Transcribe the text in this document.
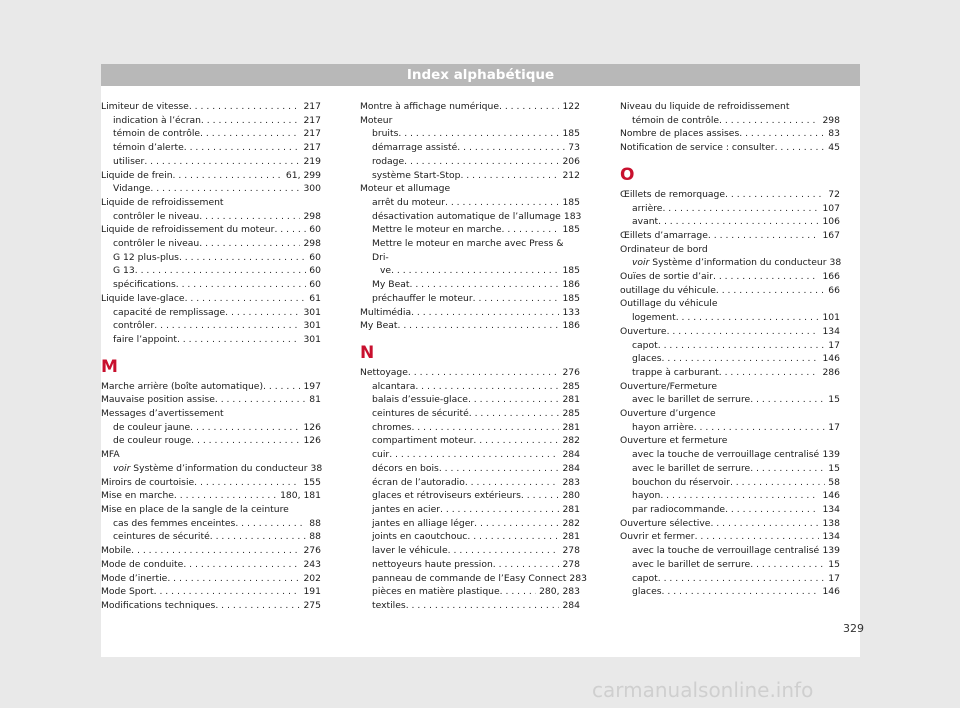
Index alphabétique
Limiteur de vitesse . . .	217
indication à l’écran . . .	217
témoin de contrôle . . .	217
témoin d’alerte . . .	217
utiliser . . .	219
Liquide de frein . . .	61, 299
Vidange . . .	300
Liquide de refroidissement
contrôler le niveau . . .	298
Liquide de refroidissement du moteur . . .	60
contrôler le niveau . . .	298
G 12 plus-plus . . .	60
G 13 . . .	60
spécifications . . .	60
Liquide lave-glace . . .	61
capacité de remplissage . . .	301
contrôler . . .	301
faire l’appoint . . .	301
M
Marche arrière (boîte automatique) . . .	197
Mauvaise position assise . . .	81
Messages d’avertissement
de couleur jaune . . .	126
de couleur rouge . . .	126
MFA
voir Système d’information du conducteur 38
Miroirs de courtoisie . . .	155
Mise en marche . . .	180, 181
Mise en place de la sangle de la ceinture
cas des femmes enceintes . . .	88
ceintures de sécurité . . .	88
Mobile . . .	276
Mode de conduite . . .	243
Mode d’inertie . . .	202
Mode Sport . . .	191
Modifications techniques . . .	275
Montre à affichage numérique . . .	122
Moteur
bruits . . .	185
démarrage assisté . . .	73
rodage . . .	206
système Start-Stop . . .	212
Moteur et allumage
arrêt du moteur . . .	185
désactivation automatique de l’allumage 183
Mettre le moteur en marche . . .	185
Mettre le moteur en marche avec Press & Dri-
ve . . .	185
My Beat . . .	186
préchauffer le moteur . . .	185
Multimédia . . .	133
My Beat . . .	186
N
Nettoyage . . .	276
alcantara . . .	285
balais d’essuie-glace . . .	281
ceintures de sécurité . . .	285
chromes . . .	281
compartiment moteur . . .	282
cuir . . .	284
décors en bois . . .	284
écran de l’autoradio . . .	283
glaces et rétroviseurs extérieurs . . .	280
jantes en acier . . .	281
jantes en alliage léger . . .	282
joints en caoutchouc . . .	281
laver le véhicule . . .	278
nettoyeurs haute pression . . .	278
panneau de commande de l’Easy Connect 283
pièces en matière plastique . . .	280, 283
textiles . . .	284
Niveau du liquide de refroidissement
témoin de contrôle . . .	298
Nombre de places assises . . .	83
Notification de service : consulter . . .	45
O
Œillets de remorquage . . .	72
arrière . . .	107
avant . . .	106
Œillets d’amarrage . . .	167
Ordinateur de bord
voir Système d’information du conducteur 38
Ouïes de sortie d’air . . .	166
outillage du véhicule . . .	66
Outillage du véhicule
logement . . .	101
Ouverture . . .	134
capot . . .	17
glaces . . .	146
trappe à carburant . . .	286
Ouverture/Fermeture
avec le barillet de serrure . . .	15
Ouverture d’urgence
hayon arrière . . .	17
Ouverture et fermeture
avec la touche de verrouillage centralisé . . . 139
avec le barillet de serrure . . .	15
bouchon du réservoir . . .	58
hayon . . .	146
par radiocommande . . .	134
Ouverture sélective . . .	138
Ouvrir et fermer . . .	134
avec la touche de verrouillage centralisé . . . 139
avec le barillet de serrure . . .	15
capot . . .	17
glaces . . .	146
329
carmanualsonline.info
